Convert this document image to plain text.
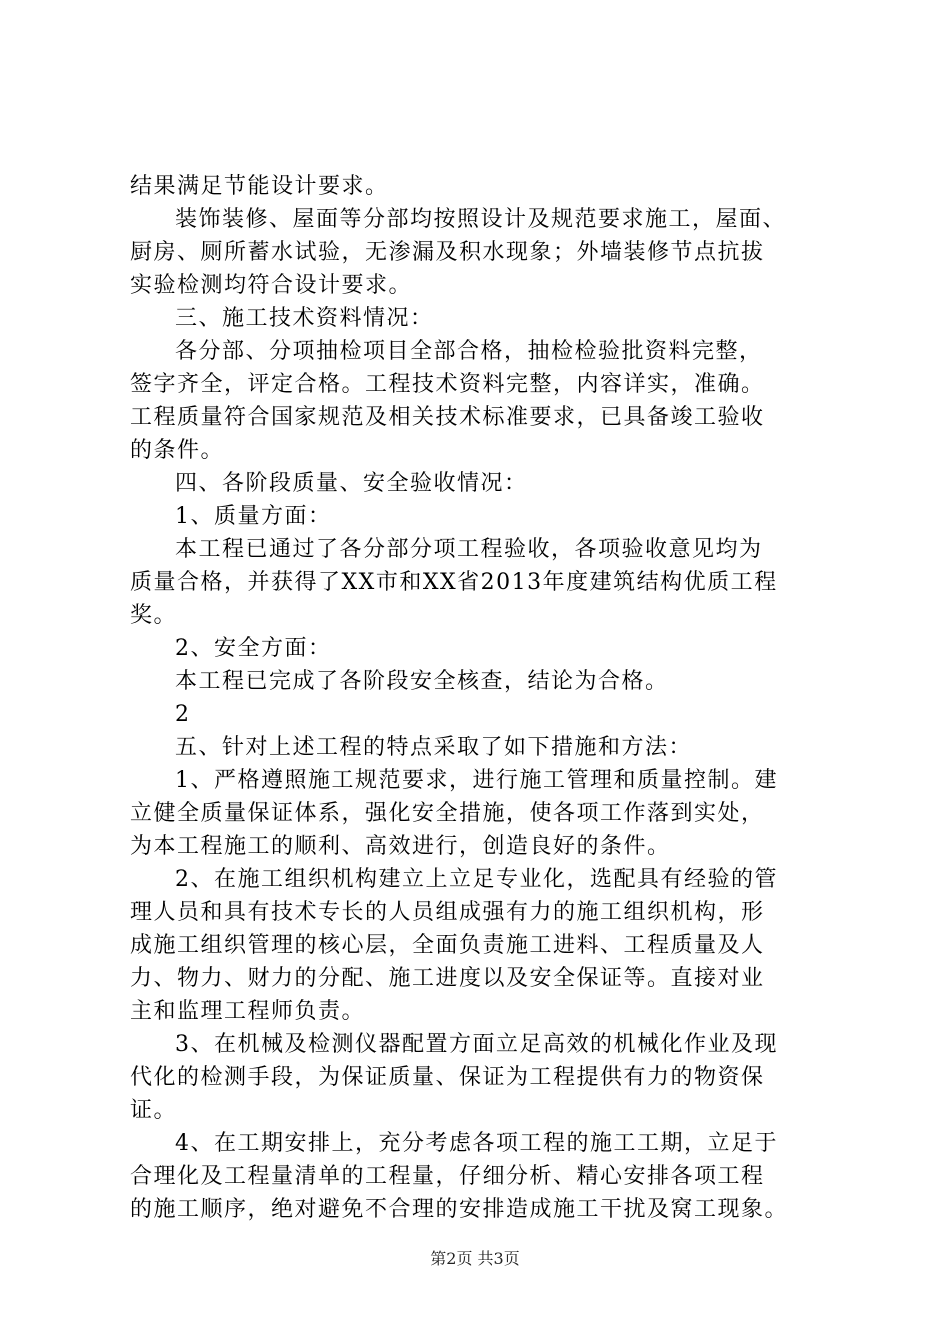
结果满足节能设计要求。
装饰装修、屋面等分部均按照设计及规范要求施工，屋面、
厨房、厕所蓄水试验，无渗漏及积水现象；外墙装修节点抗拔
实验检测均符合设计要求。
三、施工技术资料情况：
各分部、分项抽检项目全部合格，抽检检验批资料完整，
签字齐全，评定合格。工程技术资料完整，内容详实，准确。
工程质量符合国家规范及相关技术标准要求，已具备竣工验收
的条件。
四、各阶段质量、安全验收情况：
1、质量方面：
本工程已通过了各分部分项工程验收，各项验收意见均为
质量合格，并获得了XX市和XX省2013年度建筑结构优质工程
奖。
2、安全方面：
本工程已完成了各阶段安全核查，结论为合格。
2
五、针对上述工程的特点采取了如下措施和方法：
1、严格遵照施工规范要求，进行施工管理和质量控制。建
立健全质量保证体系，强化安全措施，使各项工作落到实处，
为本工程施工的顺利、高效进行，创造良好的条件。
2、在施工组织机构建立上立足专业化，选配具有经验的管
理人员和具有技术专长的人员组成强有力的施工组织机构，形
成施工组织管理的核心层，全面负责施工进料、工程质量及人
力、物力、财力的分配、施工进度以及安全保证等。直接对业
主和监理工程师负责。
3、在机械及检测仪器配置方面立足高效的机械化作业及现
代化的检测手段，为保证质量、保证为工程提供有力的物资保
证。
4、在工期安排上，充分考虑各项工程的施工工期，立足于
合理化及工程量清单的工程量，仔细分析、精心安排各项工程
的施工顺序，绝对避免不合理的安排造成施工干扰及窝工现象。
第2页 共3页
